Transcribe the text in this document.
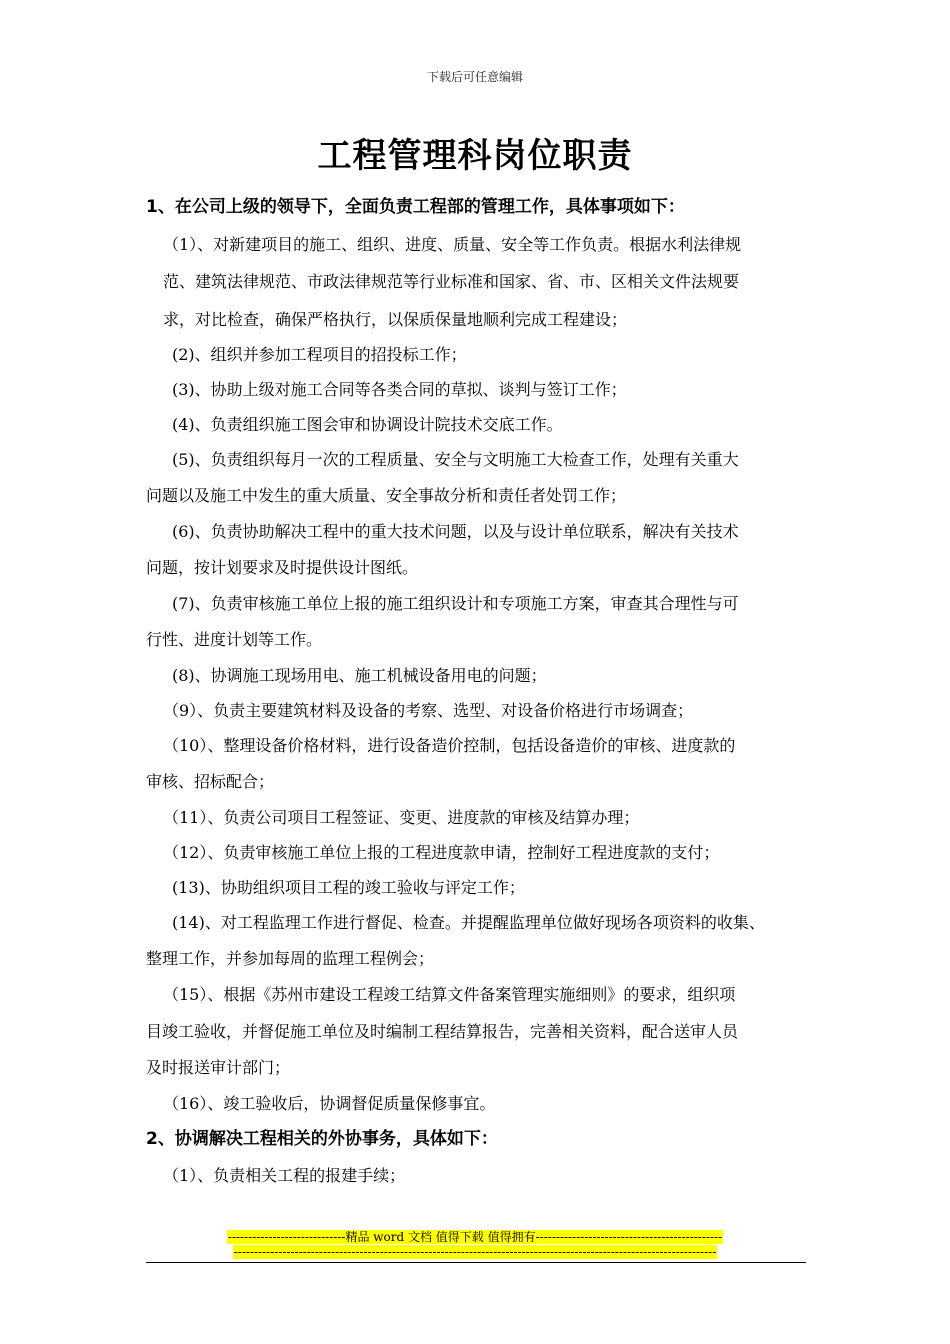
下载后可任意编辑
工程管理科岗位职责
1、在公司上级的领导下，全面负责工程部的管理工作，具体事项如下：
（1）、对新建项目的施工、组织、进度、质量、安全等工作负责。根据水利法律规
范、建筑法律规范、市政法律规范等行业标准和国家、省、市、区相关文件法规要
求，对比检查，确保严格执行，以保质保量地顺利完成工程建设；
(2)、组织并参加工程项目的招投标工作；
(3)、协助上级对施工合同等各类合同的草拟、谈判与签订工作；
(4)、负责组织施工图会审和协调设计院技术交底工作。
(5)、负责组织每月一次的工程质量、安全与文明施工大检查工作，处理有关重大
问题以及施工中发生的重大质量、安全事故分析和责任者处罚工作；
(6)、负责协助解决工程中的重大技术问题，以及与设计单位联系，解决有关技术
问题，按计划要求及时提供设计图纸。
(7)、负责审核施工单位上报的施工组织设计和专项施工方案，审查其合理性与可
行性、进度计划等工作。
(8)、协调施工现场用电、施工机械设备用电的问题；
（9）、负责主要建筑材料及设备的考察、选型、对设备价格进行市场调查；
（10）、整理设备价格材料，进行设备造价控制，包括设备造价的审核、进度款的
审核、招标配合；
（11）、负责公司项目工程签证、变更、进度款的审核及结算办理；
（12）、负责审核施工单位上报的工程进度款申请，控制好工程进度款的支付；
(13)、协助组织项目工程的竣工验收与评定工作；
(14)、对工程监理工作进行督促、检查。并提醒监理单位做好现场各项资料的收集、
整理工作，并参加每周的监理工程例会；
（15）、根据《苏州市建设工程竣工结算文件备案管理实施细则》的要求，组织项
目竣工验收，并督促施工单位及时编制工程结算报告，完善相关资料，配合送审人员
及时报送审计部门；
（16）、竣工验收后，协调督促质量保修事宜。
2、协调解决工程相关的外协事务，具体如下：
（1）、负责相关工程的报建手续；
-----------------------------精品 word 文档 值得下载 值得拥有----------------------------------------------
-----------------------------------------------------------------------------------------------------------------------
